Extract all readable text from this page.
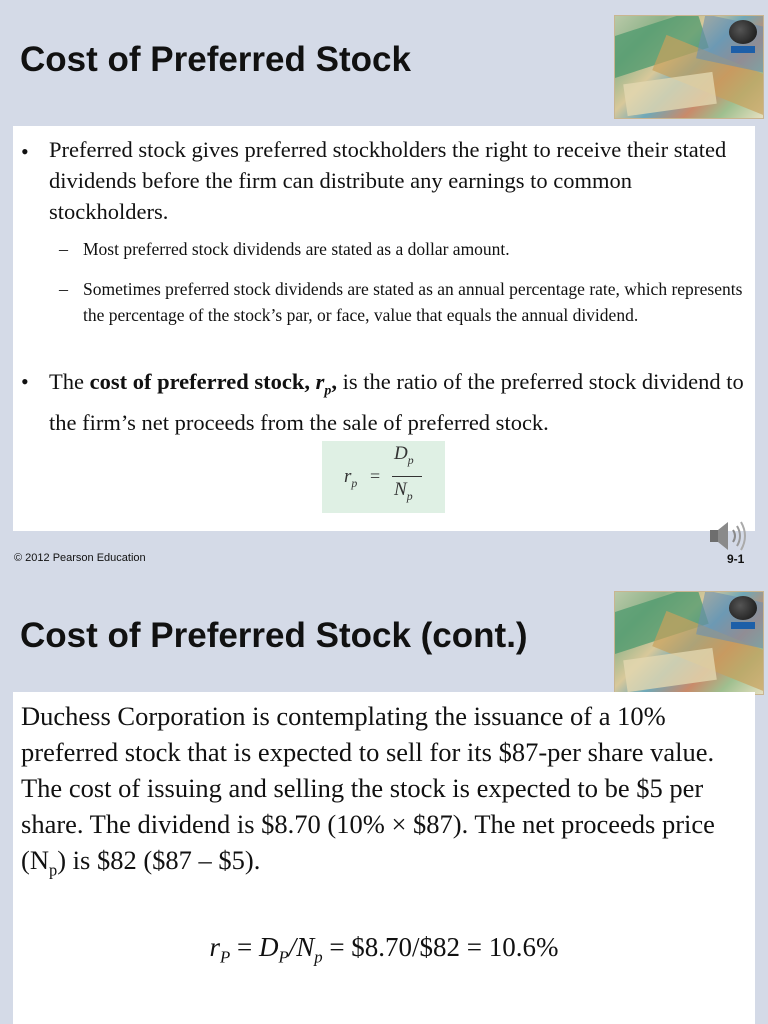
Cost of Preferred Stock
• Preferred stock gives preferred stockholders the right to receive their stated dividends before the firm can distribute any earnings to common stockholders.
– Most preferred stock dividends are stated as a dollar amount.
– Sometimes preferred stock dividends are stated as an annual percentage rate, which represents the percentage of the stock’s par, or face, value that equals the annual dividend.
• The cost of preferred stock, $r_p$, is the ratio of the preferred stock dividend to the firm’s net proceeds from the sale of preferred stock.
$r_p$ =
$D_p$
$N_p$
© 2012 Pearson Education	9-1
Cost of Preferred Stock (cont.)
Duchess Corporation is contemplating the issuance of a 10% preferred stock that is expected to sell for its $87-per share value. The cost of issuing and selling the stock is expected to be $5 per share. The dividend is $8.70 (10% × $87). The net proceeds price $(N_p)$ is $82 ($87 – $5).
$r_P = D_P/N_p$ = $8.70/$82 = 10.6%
